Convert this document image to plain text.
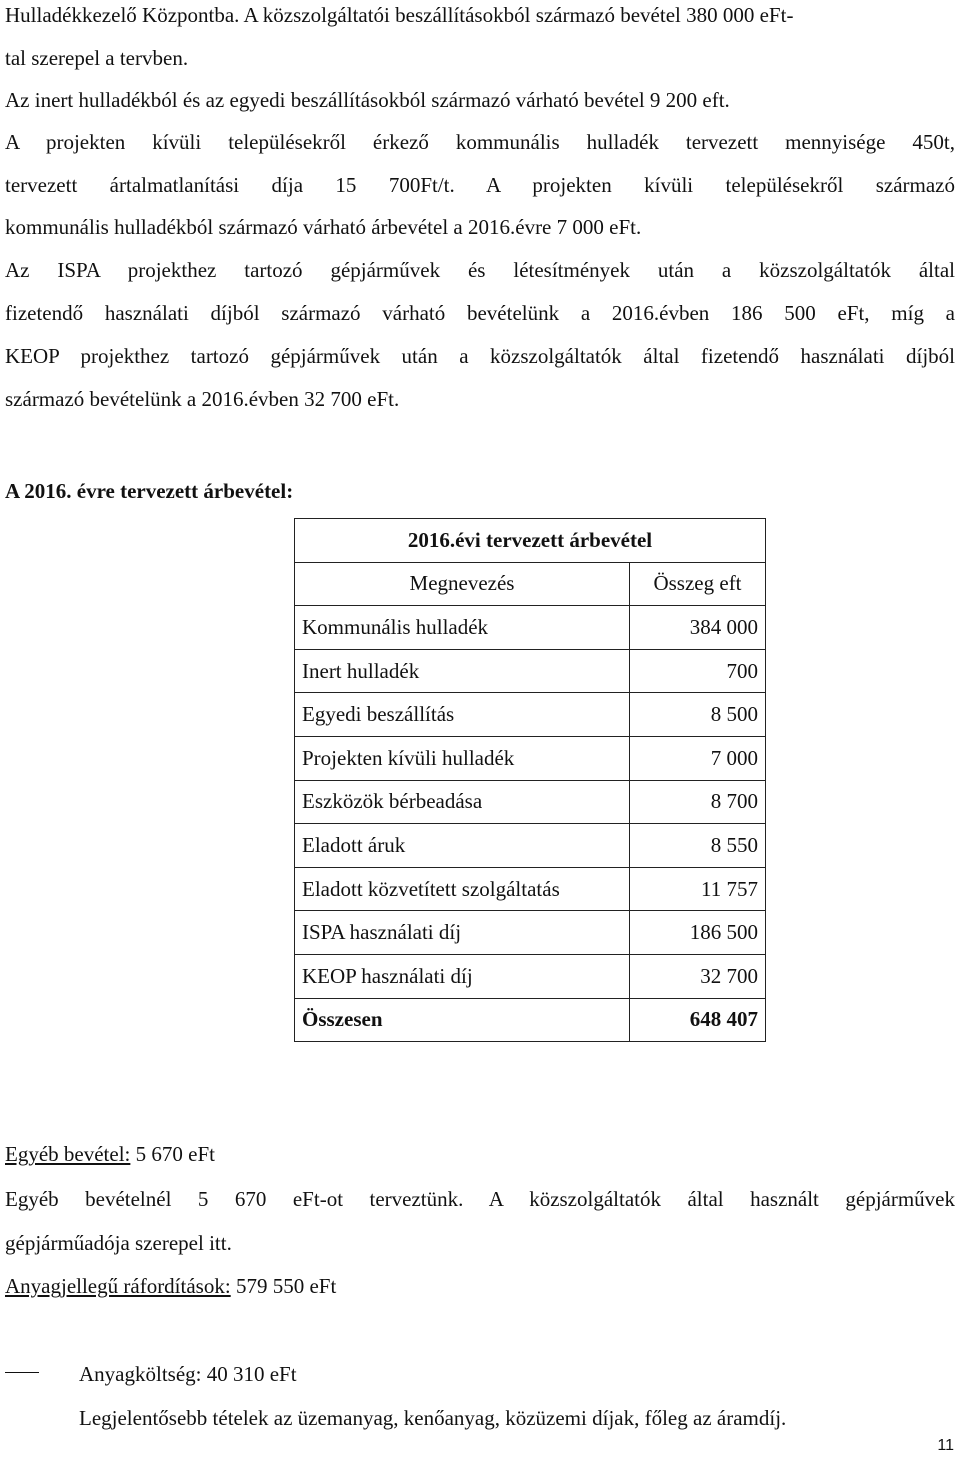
Hulladékkezelő Központba. A közszolgáltatói beszállításokból származó bevétel 380 000 eFt-
tal szerepel a tervben.
Az inert hulladékból és az egyedi beszállításokból származó várható bevétel 9 200 eft.
A projekten kívüli településekről érkező kommunális hulladék tervezett mennyisége 450t,
tervezett ártalmatlanítási díja 15 700Ft/t. A projekten kívüli településekről származó
kommunális hulladékból származó várható árbevétel a 2016.évre 7 000 eFt.
Az ISPA projekthez tartozó gépjárművek és létesítmények után a közszolgáltatók által
fizetendő használati díjból származó várható bevételünk a 2016.évben 186 500 eFt, míg a
KEOP projekthez tartozó gépjárművek után a közszolgáltatók által fizetendő használati díjból
származó bevételünk a 2016.évben 32 700 eFt.
A 2016. évre tervezett árbevétel:
2016.évi tervezett árbevétel	
Megnevezés	Összeg eft
Kommunális hulladék	384 000
Inert hulladék	700
Egyedi beszállítás	8 500
Projekten kívüli hulladék	7 000
Eszközök bérbeadása	8 700
Eladott áruk	8 550
Eladott közvetített szolgáltatás	11 757
ISPA használati díj	186 500
KEOP használati díj	32 700
Összesen	648 407
Egyéb bevétel: 5 670 eFt
Egyéb bevételnél 5 670 eFt-ot terveztünk. A közszolgáltatók által használt gépjárművek
gépjárműadója szerepel itt.
Anyagjellegű ráfordítások: 579 550 eFt
Anyagköltség: 40 310 eFt
Legjelentősebb tételek az üzemanyag, kenőanyag, közüzemi díjak, főleg az áramdíj.
11
